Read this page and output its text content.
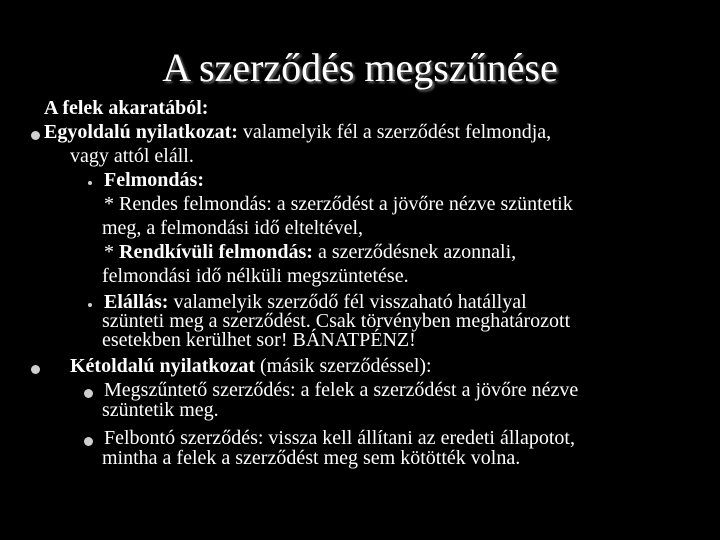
A szerződés megszűnése
A felek akaratából:
Egyoldalú nyilatkozat: valamelyik fél a szerződést felmondja,
vagy attól eláll.
Felmondás:
* Rendes felmondás: a szerződést a jövőre nézve szüntetik
meg, a felmondási idő elteltével,
* Rendkívüli felmondás: a szerződésnek azonnali,
felmondási idő nélküli megszüntetése.
Elállás: valamelyik szerződő fél visszaható hatállyal
szünteti meg a szerződést. Csak törvényben meghatározott
esetekben kerülhet sor! BÁNATPÉNZ!
Kétoldalú nyilatkozat (másik szerződéssel):
Megszűntető szerződés: a felek a szerződést a jövőre nézve
szüntetik meg.
Felbontó szerződés: vissza kell állítani az eredeti állapotot,
mintha a felek a szerződést meg sem kötötték volna.
